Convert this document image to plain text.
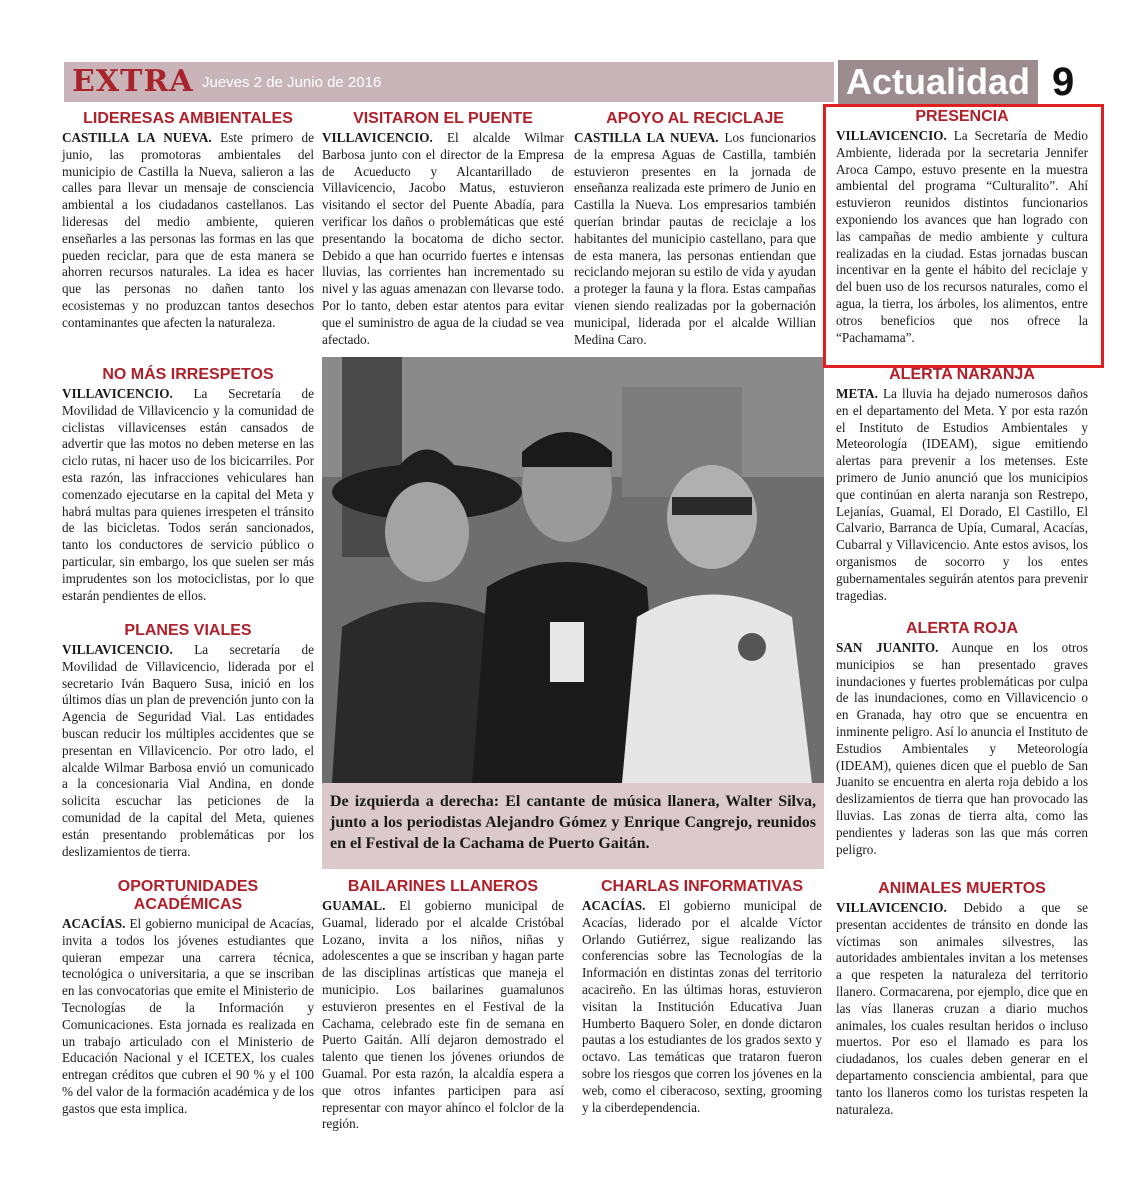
EXTRA Jueves 2 de Junio de 2016	Actualidad 9
LIDERESAS AMBIENTALES

CASTILLA LA NUEVA. Este primero de junio, las promotoras ambientales del municipio de Castilla la Nueva, salieron a las calles para llevar un mensaje de consciencia ambiental a los ciudadanos castellanos. Las lideresas del medio ambiente, quieren enseñarles a las personas las formas en las que pueden reciclar, para que de esta manera se ahorren recursos naturales. La idea es hacer que las personas no dañen tanto los ecosistemas y no produzcan tantos desechos contaminantes que afecten la naturaleza.

NO MÁS IRRESPETOS

VILLAVICENCIO. La Secretaría de Movilidad de Villavicencio y la comunidad de ciclistas villavicenses están cansados de advertir que las motos no deben meterse en las ciclo rutas, ni hacer uso de los bicicarriles. Por esta razón, las infracciones vehiculares han comenzado ejecutarse en la capital del Meta y habrá multas para quienes irrespeten el tránsito de las bicicletas. Todos serán sancionados, tanto los conductores de servicio público o particular, sin embargo, los que suelen ser más imprudentes son los motociclistas, por lo que estarán pendientes de ellos.

PLANES VIALES

VILLAVICENCIO. La secretaría de Movilidad de Villavicencio, liderada por el secretario Iván Baquero Susa, inició en los últimos días un plan de prevención junto con la Agencia de Seguridad Vial. Las entidades buscan reducir los múltiples accidentes que se presentan en Villavicencio. Por otro lado, el alcalde Wilmar Barbosa envió un comunicado a la concesionaria Vial Andina, en donde solicita escuchar las peticiones de la comunidad de la capital del Meta, quienes están presentando problemáticas por los deslizamientos de tierra.

OPORTUNIDADES ACADÉMICAS

ACACÍAS. El gobierno municipal de Acacías, invita a todos los jóvenes estudiantes que quieran empezar una carrera técnica, tecnológica o universitaria, a que se inscriban en las convocatorias que emite el Ministerio de Tecnologías de la Información y Comunicaciones. Esta jornada es realizada en un trabajo articulado con el Ministerio de Educación Nacional y el ICETEX, los cuales entregan créditos que cubren el 90 % y el 100 % del valor de la formación académica y de los gastos que esta implica.

VISITARON EL PUENTE

VILLAVICENCIO. El alcalde Wilmar Barbosa junto con el director de la Empresa de Acueducto y Alcantarillado de Villavicencio, Jacobo Matus, estuvieron visitando el sector del Puente Abadía, para verificar los daños o problemáticas que esté presentando la bocatoma de dicho sector. Debido a que han ocurrido fuertes e intensas lluvias, las corrientes han incrementado su nivel y las aguas amenazan con llevarse todo. Por lo tanto, deben estar atentos para evitar que el suministro de agua de la ciudad se vea afectado.

APOYO AL RECICLAJE

CASTILLA LA NUEVA. Los funcionarios de la empresa Aguas de Castilla, también estuvieron presentes en la jornada de enseñanza realizada este primero de Junio en Castilla la Nueva. Los empresarios también querían brindar pautas de reciclaje a los habitantes del municipio castellano, para que de esta manera, las personas entiendan que reciclando mejoran su estilo de vida y ayudan a proteger la fauna y la flora. Estas campañas vienen siendo realizadas por la gobernación municipal, liderada por el alcalde Willian Medina Caro.

De izquierda a derecha: El cantante de música llanera, Walter Silva, junto a los periodistas Alejandro Gómez y Enrique Cangrejo, reunidos en el Festival de la Cachama de Puerto Gaitán.
PRESENCIA

VILLAVICENCIO. La Secretaría de Medio Ambiente, liderada por la secretaria Jennifer Aroca Campo, estuvo presente en la muestra ambiental del programa “Culturalito”. Ahí estuvieron reunidos distintos funcionarios exponiendo los avances que han logrado con las campañas de medio ambiente y cultura realizadas en la ciudad. Estas jornadas buscan incentivar en la gente el hábito del reciclaje y del buen uso de los recursos naturales, como el agua, la tierra, los árboles, los alimentos, entre otros beneficios que nos ofrece la “Pachamama”.

ALERTA NARANJA

META. La lluvia ha dejado numerosos daños en el departamento del Meta. Y por esta razón el Instituto de Estudios Ambientales y Meteorología (IDEAM), sigue emitiendo alertas para prevenir a los metenses. Este primero de Junio anunció que los municipios que continúan en alerta naranja son Restrepo, Lejanías, Guamal, El Dorado, El Castillo, El Calvario, Barranca de Upía, Cumaral, Acacías, Cubarral y Villavicencio. Ante estos avisos, los organismos de socorro y los entes gubernamentales seguirán atentos para prevenir tragedias.

ALERTA ROJA

SAN JUANITO. Aunque en los otros municipios se han presentado graves inundaciones y fuertes problemáticas por culpa de las inundaciones, como en Villavicencio o en Granada, hay otro que se encuentra en inminente peligro. Así lo anuncia el Instituto de Estudios Ambientales y Meteorología (IDEAM), quienes dicen que el pueblo de San Juanito se encuentra en alerta roja debido a los deslizamientos de tierra que han provocado las lluvias. Las zonas de tierra alta, como las pendientes y laderas son las que más corren peligro.

BAILARINES LLANEROS

GUAMAL. El gobierno municipal de Guamal, liderado por el alcalde Cristóbal Lozano, invita a los niños, niñas y adolescentes a que se inscriban y hagan parte de las disciplinas artísticas que maneja el municipio. Los bailarines guamalunos estuvieron presentes en el Festival de la Cachama, celebrado este fin de semana en Puerto Gaitán. Allí dejaron demostrado el talento que tienen los jóvenes oriundos de Guamal. Por esta razón, la alcaldía espera a que otros infantes participen para así representar con mayor ahínco el folclor de la región.

CHARLAS INFORMATIVAS

ACACÍAS. El gobierno municipal de Acacías, liderado por el alcalde Víctor Orlando Gutiérrez, sigue realizando las conferencias sobre las Tecnologías de la Información en distintas zonas del territorio acacireño. En las últimas horas, estuvieron visitan la Institución Educativa Juan Humberto Baquero Soler, en donde dictaron pautas a los estudiantes de los grados sexto y octavo. Las temáticas que trataron fueron sobre los riesgos que corren los jóvenes en la web, como el ciberacoso, sexting, grooming y la ciberdependencia.

ANIMALES MUERTOS

VILLAVICENCIO. Debido a que se presentan accidentes de tránsito en donde las víctimas son animales silvestres, las autoridades ambientales invitan a los metenses a que respeten la naturaleza del territorio llanero. Cormacarena, por ejemplo, dice que en las vías llaneras cruzan a diario muchos animales, los cuales resultan heridos o incluso muertos. Por eso el llamado es para los ciudadanos, los cuales deben generar en el departamento consciencia ambiental, para que tanto los llaneros como los turistas respeten la naturaleza.
